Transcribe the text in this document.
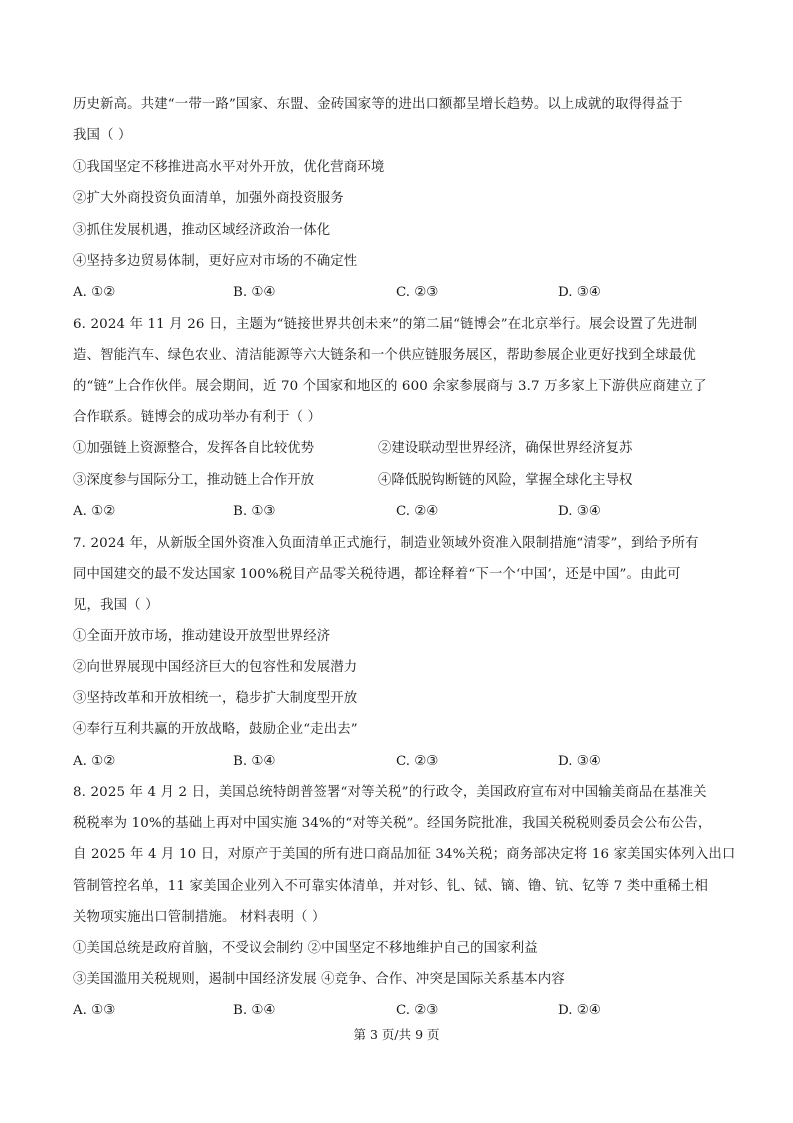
历史新高。共建“一带一路”国家、东盟、金砖国家等的进出口额都呈增长趋势。以上成就的取得得益于
我国（ ）
①我国坚定不移推进高水平对外开放，优化营商环境
②扩大外商投资负面清单，加强外商投资服务
③抓住发展机遇，推动区域经济政治一体化
④坚持多边贸易体制，更好应对市场的不确定性
A. ①②	B. ①④	C. ②③	D. ③④
6. 2024 年 11 月 26 日，主题为“链接世界共创未来”的第二届“链博会”在北京举行。展会设置了先进制
造、智能汽车、绿色农业、清洁能源等六大链条和一个供应链服务展区，帮助参展企业更好找到全球最优
的“链”上合作伙伴。展会期间，近 70 个国家和地区的 600 余家参展商与 3.7 万多家上下游供应商建立了
合作联系。链博会的成功举办有利于（ ）
①加强链上资源整合，发挥各自比较优势	②建设联动型世界经济，确保世界经济复苏
③深度参与国际分工，推动链上合作开放	④降低脱钩断链的风险，掌握全球化主导权
A. ①②	B. ①③	C. ②④	D. ③④
7. 2024 年，从新版全国外资准入负面清单正式施行，制造业领域外资准入限制措施“清零”，到给予所有
同中国建交的最不发达国家 100%税目产品零关税待遇，都诠释着“下一个‘中国’，还是中国”。由此可
见，我国（ ）
①全面开放市场，推动建设开放型世界经济
②向世界展现中国经济巨大的包容性和发展潜力
③坚持改革和开放相统一，稳步扩大制度型开放
④奉行互利共赢的开放战略，鼓励企业“走出去”
A. ①②	B. ①④	C. ②③	D. ③④
8. 2025 年 4 月 2 日，美国总统特朗普签署“对等关税”的行政令，美国政府宣布对中国输美商品在基准关
税税率为 10%的基础上再对中国实施 34%的“对等关税”。经国务院批准，我国关税税则委员会公布公告，
自 2025 年 4 月 10 日，对原产于美国的所有进口商品加征 34%关税；商务部决定将 16 家美国实体列入出口
管制管控名单，11 家美国企业列入不可靠实体清单，并对钐、钆、铽、镝、镥、钪、钇等 7 类中重稀土相
关物项实施出口管制措施。 材料表明（ ）
①美国总统是政府首脑，不受议会制约 ②中国坚定不移地维护自己的国家利益
③美国滥用关税规则，遏制中国经济发展 ④竞争、合作、冲突是国际关系基本内容
A. ①③	B. ①④	C. ②③	D. ②④
第 3 页/共 9 页
